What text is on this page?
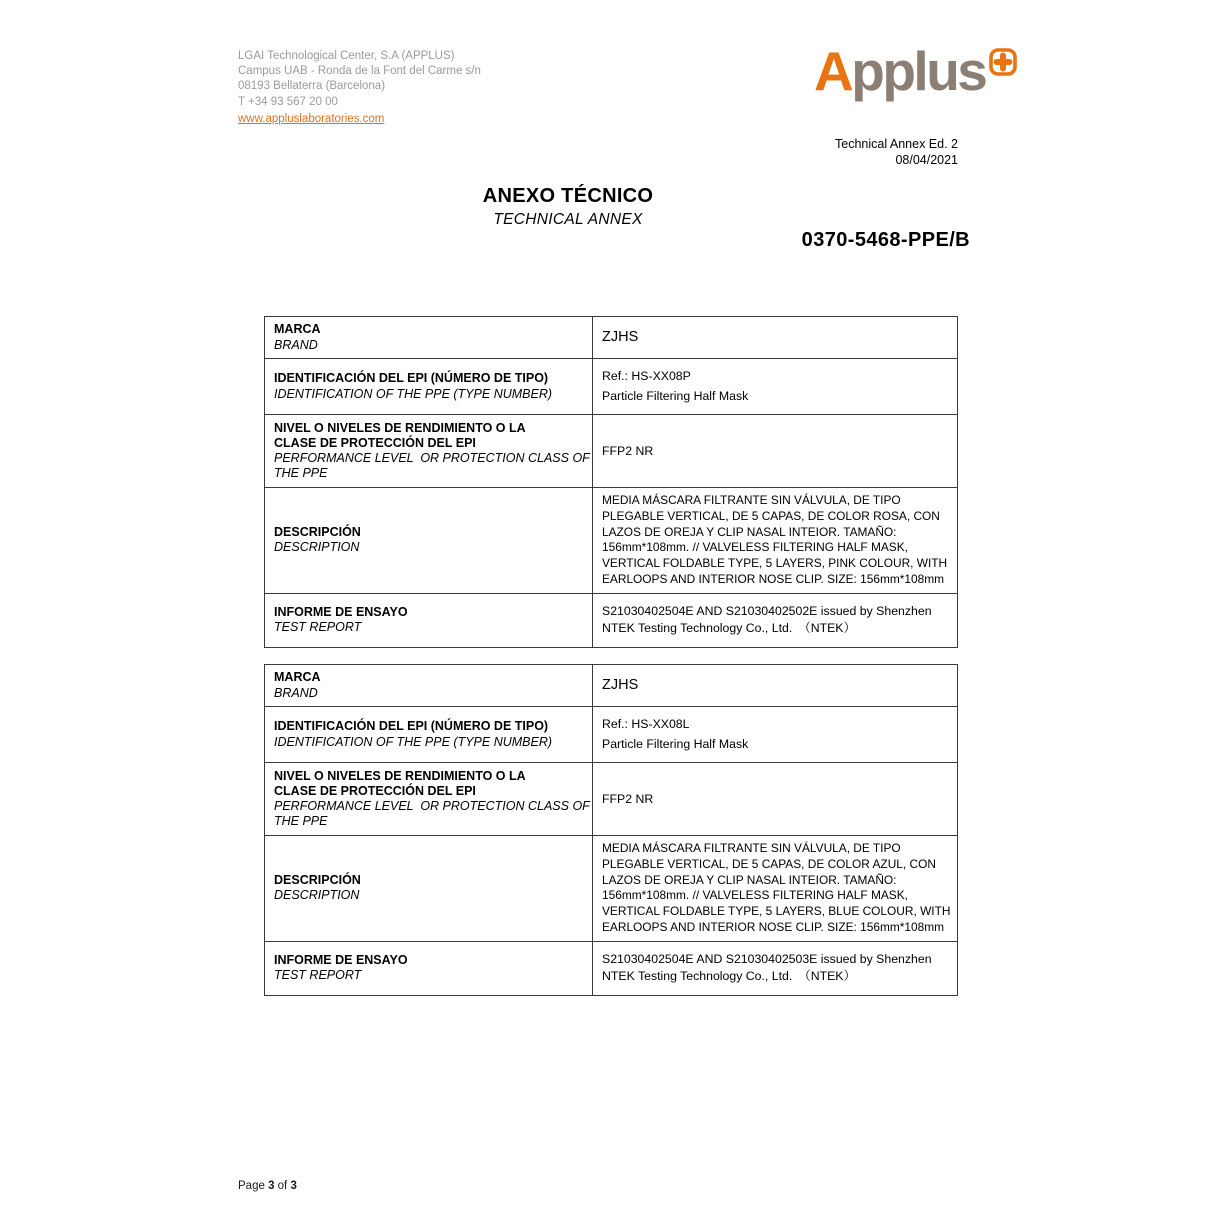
LGAI Technological Center, S.A (APPLUS)
Campus UAB - Ronda de la Font del Carme s/n
08193 Bellaterra (Barcelona)
T +34 93 567 20 00
www.appluslaboratories.com
Applus
Technical Annex Ed. 2
08/04/2021
ANEXO TÉCNICO
TECHNICAL ANNEX
0370-5468-PPE/B
MARCA
BRAND	ZJHS
IDENTIFICACIÓN DEL EPI (NÚMERO DE TIPO)
IDENTIFICATION OF THE PPE (TYPE NUMBER)
Ref.: HS-XX08P
Particle Filtering Half Mask
NIVEL O NIVELES DE RENDIMIENTO O LA
CLASE DE PROTECCIÓN DEL EPI
PERFORMANCE LEVEL  OR PROTECTION CLASS OF
THE PPE
FFP2 NR
DESCRIPCIÓN
DESCRIPTION
MEDIA MÁSCARA FILTRANTE SIN VÁLVULA, DE TIPO
PLEGABLE VERTICAL, DE 5 CAPAS, DE COLOR ROSA, CON
LAZOS DE OREJA Y CLIP NASAL INTEIOR. TAMAÑO:
156mm*108mm. // VALVELESS FILTERING HALF MASK,
VERTICAL FOLDABLE TYPE, 5 LAYERS, PINK COLOUR, WITH
EARLOOPS AND INTERIOR NOSE CLIP. SIZE: 156mm*108mm
INFORME DE ENSAYO
TEST REPORT
S21030402504E AND S21030402502E issued by Shenzhen
NTEK Testing Technology Co., Ltd.　（NTEK）
MARCA
BRAND	ZJHS
IDENTIFICACIÓN DEL EPI (NÚMERO DE TIPO)
IDENTIFICATION OF THE PPE (TYPE NUMBER)
Ref.: HS-XX08L
Particle Filtering Half Mask
NIVEL O NIVELES DE RENDIMIENTO O LA
CLASE DE PROTECCIÓN DEL EPI
PERFORMANCE LEVEL  OR PROTECTION CLASS OF
THE PPE
FFP2 NR
DESCRIPCIÓN
DESCRIPTION
MEDIA MÁSCARA FILTRANTE SIN VÁLVULA, DE TIPO
PLEGABLE VERTICAL, DE 5 CAPAS, DE COLOR AZUL, CON
LAZOS DE OREJA Y CLIP NASAL INTEIOR. TAMAÑO:
156mm*108mm. // VALVELESS FILTERING HALF MASK,
VERTICAL FOLDABLE TYPE, 5 LAYERS, BLUE COLOUR, WITH
EARLOOPS AND INTERIOR NOSE CLIP. SIZE: 156mm*108mm
INFORME DE ENSAYO
TEST REPORT
S21030402504E AND S21030402503E issued by Shenzhen
NTEK Testing Technology Co., Ltd.　（NTEK）
Page 3 of 3
